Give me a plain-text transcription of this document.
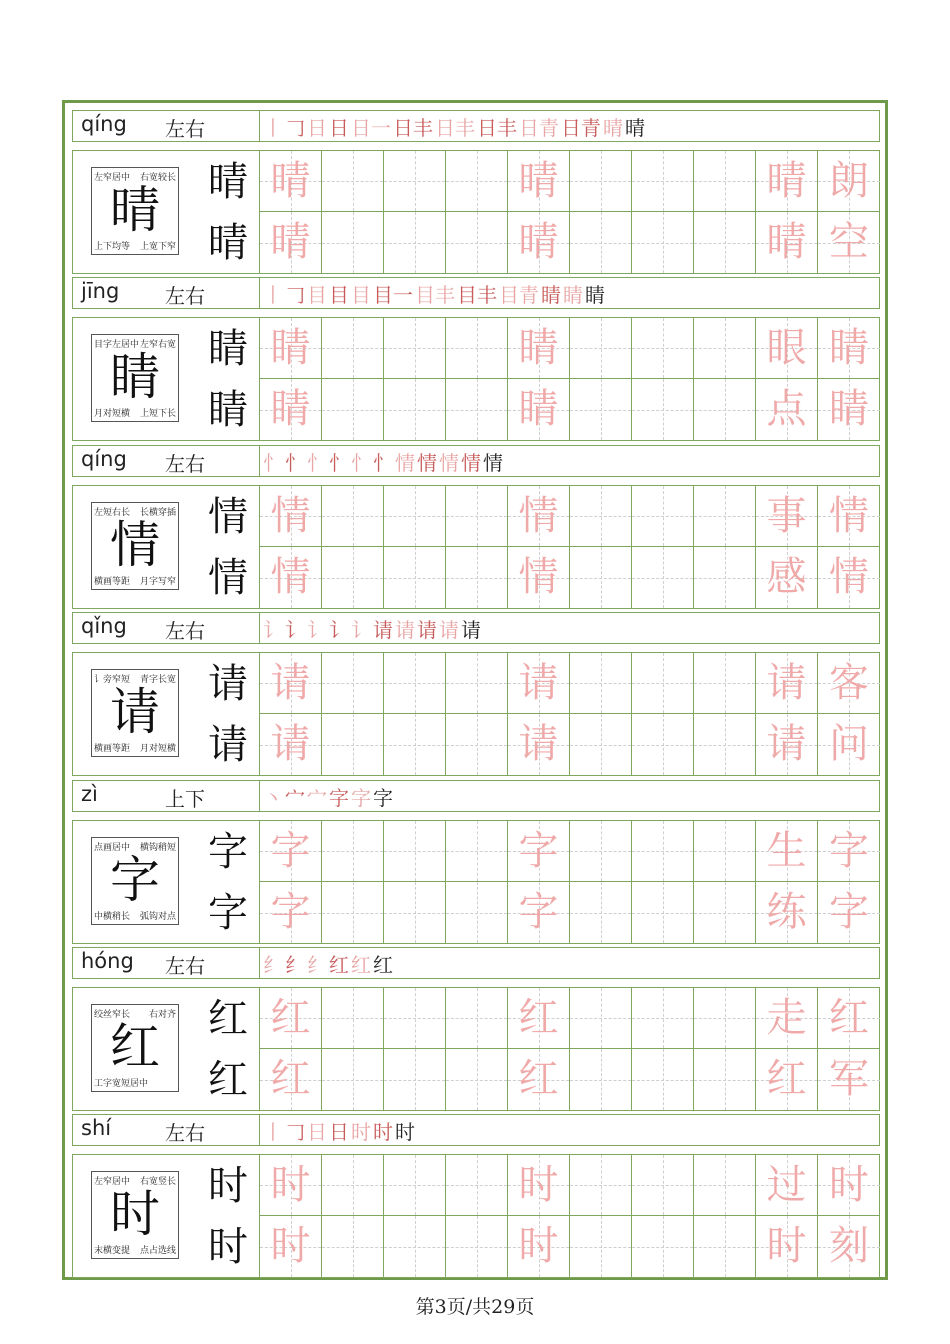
qíng 左右	丨 𠃌 日 日 日一 日丰 日丰 日丰 日青 日青 晴 晴
晴
左窄居中 右宽较长
上下均等 上宽下窄
晴
晴
晴	晴	晴 朗
晴	晴	晴 空
jīng 左右	丨 𠃌 目 目 目 目一 目丰 目丰 目青 睛 睛 睛
睛
目字左居中 左窄右宽
月对短横 上短下长
睛
睛
睛	睛	眼 睛
睛	睛	点 睛
qíng 左右	忄 忄 忄 忄 忄 忄 情 情 情 情 情
情
左短右长 长横穿插
横画等距 月字写窄
情
情
情	情	事 情
情	情	感 情
qǐng 左右	讠 讠 讠 讠 讠 请 请 请 请 请
请
讠旁窄短 青字长宽
横画等距 月对短横
请
请
请	请	请 客
请	请	请 问
zì	上下	丶 宀 宀 字 字 字
字
点画居中 横钩稍短
中横稍长 弧钩对点
字
字
字	字	生 字
字	字	练 字
hóng 左右	纟 纟 纟 红 红 红
红
绞丝窄长 右对齐
工字宽短居中
红
红
红	红	走 红
红	红	红 军
shí	左右	丨 𠃌 日 日 时 时 时
时
左窄居中 右宽竖长
末横变提 点占选线
时
时
时	时	过 时
时	时	时 刻
第3页/共29页
